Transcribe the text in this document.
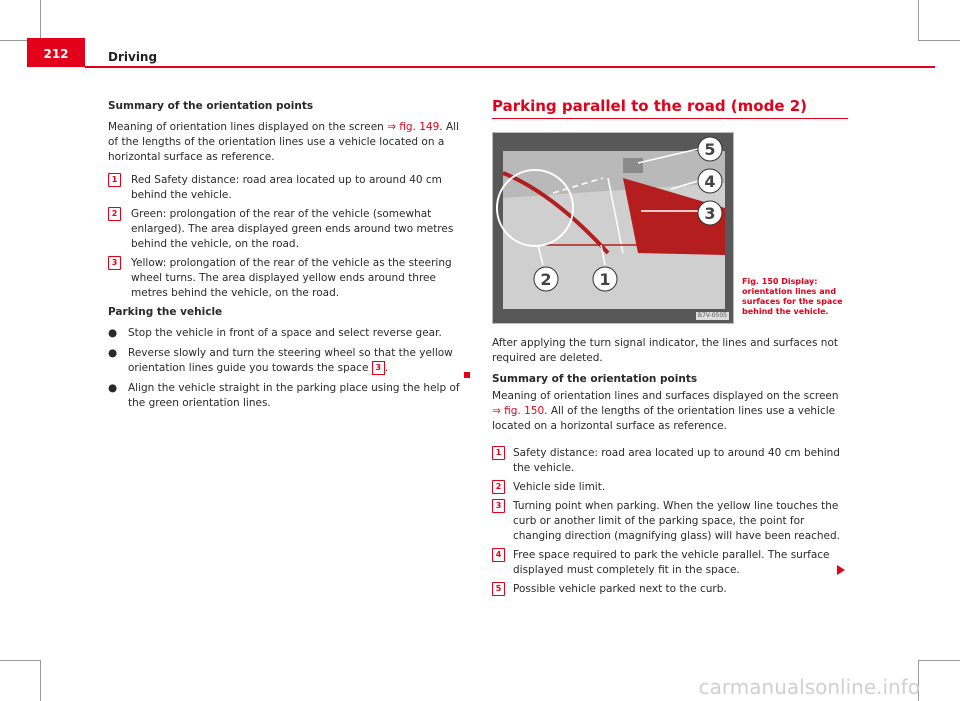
212	Driving

Summary of the orientation points

Meaning of orientation lines displayed on the screen ⇒ fig. 149. All of the lengths of the orientation lines use a vehicle located on a horizontal surface as reference.

1	Red Safety distance: road area located up to around 40 cm behind the vehicle.
2	Green: prolongation of the rear of the vehicle (somewhat enlarged). The area displayed green ends around two metres behind the vehicle, on the road.
3	Yellow: prolongation of the rear of the vehicle as the steering wheel turns. The area displayed yellow ends around three metres behind the vehicle, on the road.

Parking the vehicle

● Stop the vehicle in front of a space and select reverse gear.
● Reverse slowly and turn the steering wheel so that the yellow orientation lines guide you towards the space 3 .
● Align the vehicle straight in the parking place using the help of the green orientation lines.
Parking parallel to the road (mode 2)
1
2
3
4
5
B7V-0505
Fig. 150 Display: orientation lines and surfaces for the space behind the vehicle.

After applying the turn signal indicator, the lines and surfaces not required are deleted.

Summary of the orientation points

Meaning of orientation lines and surfaces displayed on the screen ⇒ fig. 150. All of the lengths of the orientation lines use a vehicle located on a horizontal surface as reference.

1	Safety distance: road area located up to around 40 cm behind the vehicle.
2	Vehicle side limit.
3	Turning point when parking. When the yellow line touches the curb or another limit of the parking space, the point for changing direction (magnifying glass) will have been reached.
4	Free space required to park the vehicle parallel. The surface displayed must completely fit in the space.
5	Possible vehicle parked next to the curb.
carmanualsonline.info
